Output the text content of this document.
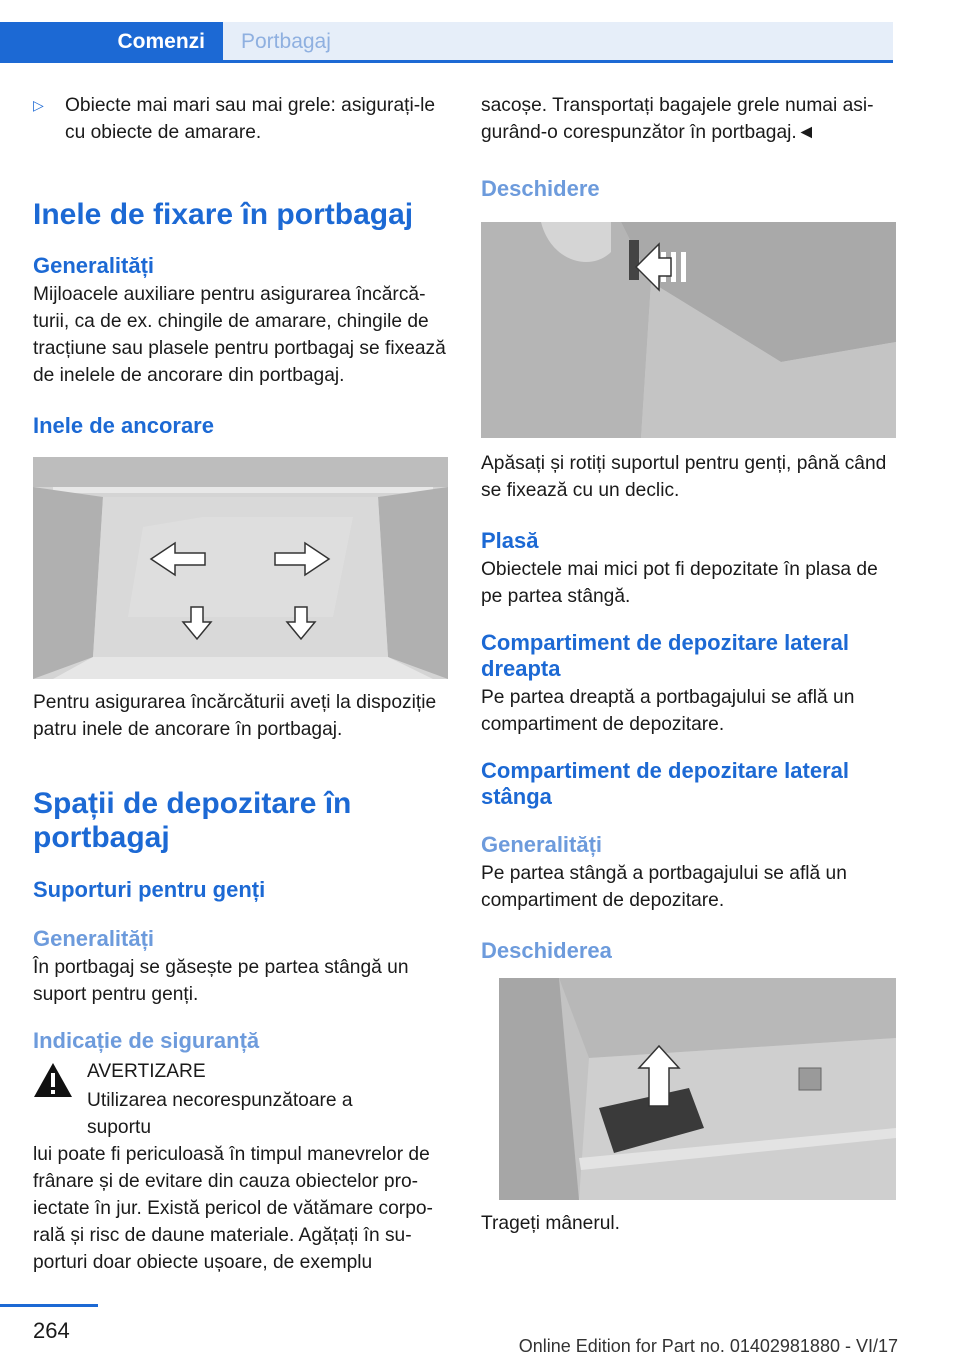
Comenzi	Portbagaj
▷	Obiecte mai mari sau mai grele: asigurați-le cu obiecte de amarare.
Inele de fixare în portbagaj
Generalități

Mijloacele auxiliare pentru asigurarea încărcăturii, ca de ex. chingile de amarare, chingile de tracțiune sau plasele pentru portbagaj se fixează de inelele de ancorare din portbagaj.

Inele de ancorare

Pentru asigurarea încărcăturii aveți la dispoziție patru inele de ancorare în portbagaj.

Spații de depozitare în portbagaj
Suporturi pentru genți
Generalități

În portbagaj se găsește pe partea stângă un suport pentru genți.

Indicație de siguranță
AVERTIZARE
Utilizarea necorespunzătoare a suportu

lui poate fi periculoasă în timpul manevrelor de frânare și de evitare din cauza obiectelor proiectate în jur. Există pericol de vătămare corporală și risc de daune materiale. Agățați în suporturi doar obiecte ușoare, de exemplu

sacoșe. Transportați bagajele grele numai asigurând-o corespunzător în portbagaj.◄

Deschidere

Apăsați și rotiți suportul pentru genți, până când se fixează cu un declic.

Plasă

Obiectele mai mici pot fi depozitate în plasa de pe partea stângă.

Compartiment de depozitare lateral dreapta

Pe partea dreaptă a portbagajului se află un compartiment de depozitare.

Compartiment de depozitare lateral stânga
Generalități

Pe partea stângă a portbagajului se află un compartiment de depozitare.

Deschiderea

Trageți mânerul.

264
Online Edition for Part no. 01402981880 - VI/17
